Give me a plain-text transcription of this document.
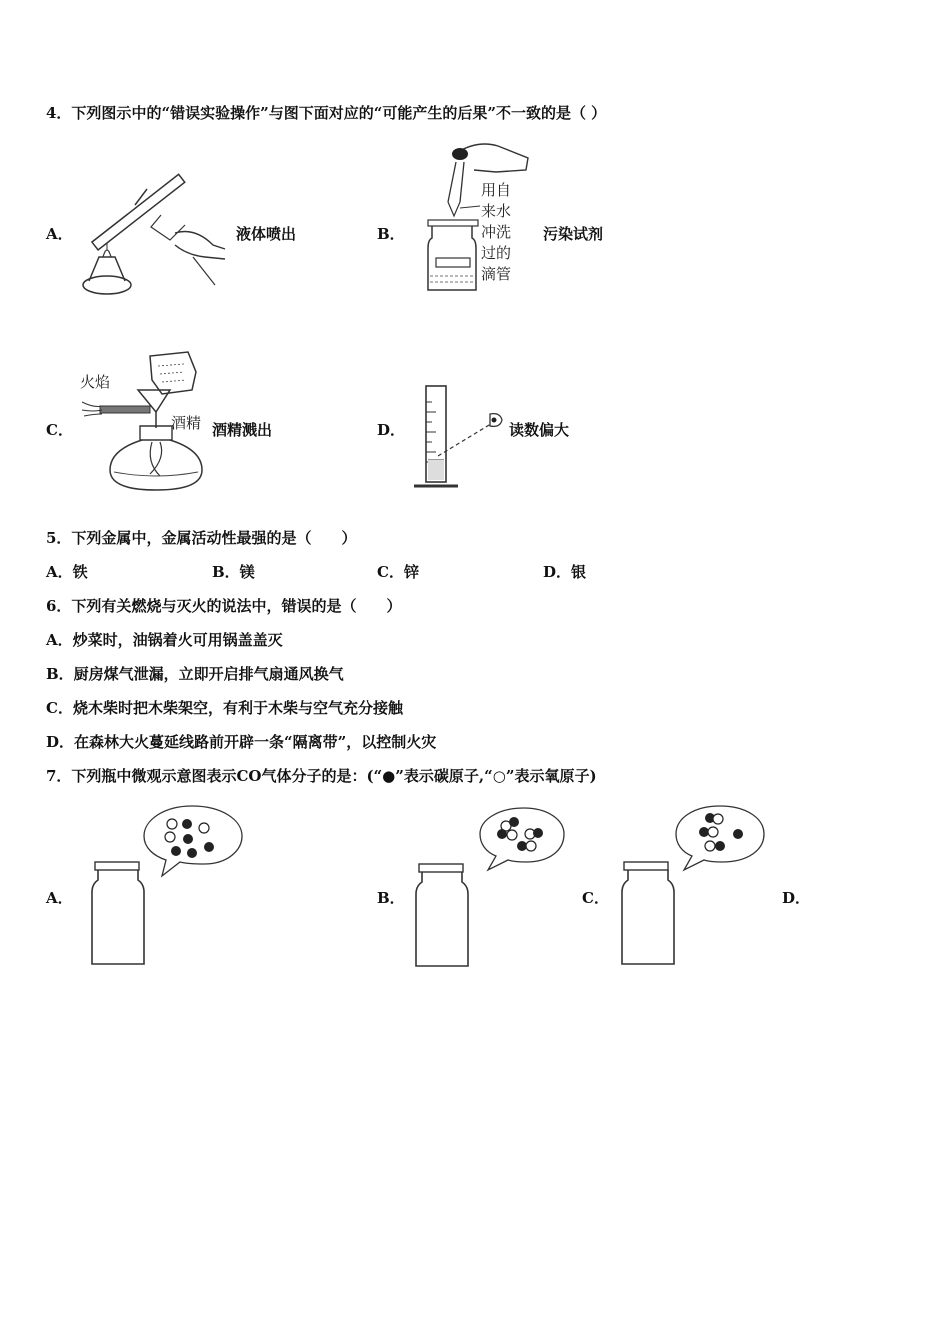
4．下列图示中的“错误实验操作”与图下面对应的“可能产生的后果”不一致的是（ ）
A．	液体喷出	B．
用自
来水
冲洗
过的
滴管
污染试剂
C．
火焰
酒精 酒精溅出	D．	读数偏大
5．下列金属中，金属活动性最强的是（　　）
A．铁	B．镁	C．锌	D．银
6．下列有关燃烧与灭火的说法中，错误的是（　　）
A．炒菜时，油锅着火可用锅盖盖灭
B．厨房煤气泄漏，立即开启排气扇通风换气
C．烧木柴时把木柴架空，有利于木柴与空气充分接触
D．在森林大火蔓延线路前开辟一条“隔离带”，以控制火灾
7．下列瓶中微观示意图表示CO气体分子的是：(“●”表示碳原子,“○”表示氧原子)
A．	B．	C．	D．
